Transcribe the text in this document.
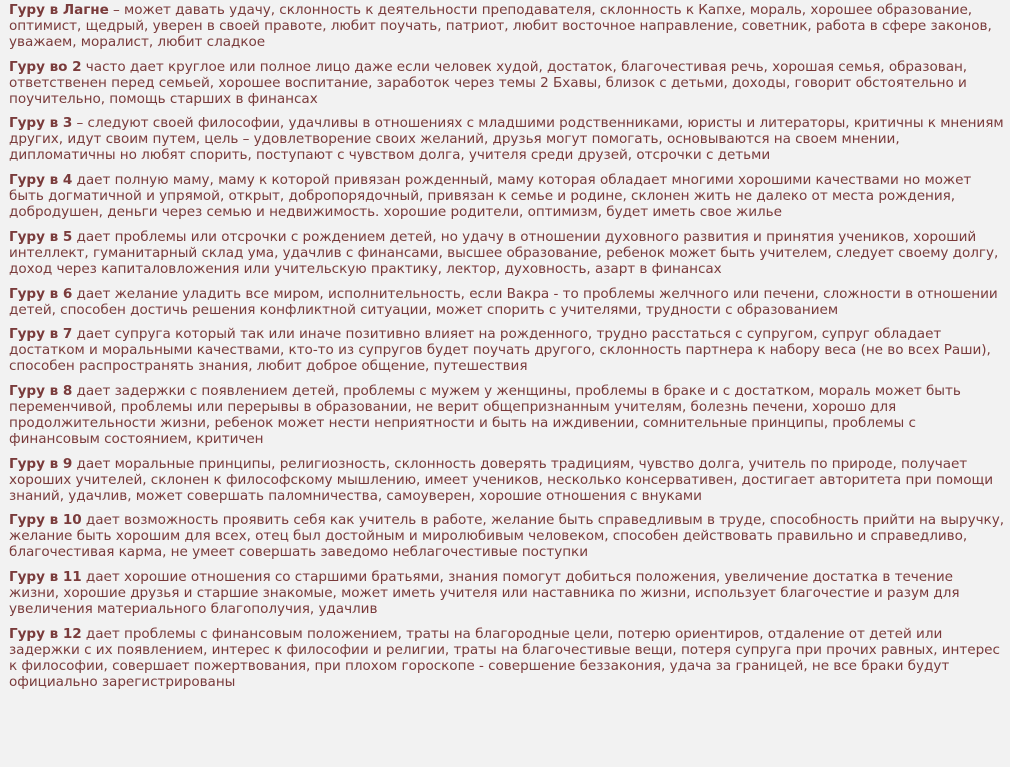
Гуру в Лагне – может давать удачу, склонность к деятельности преподавателя, склонность к Капхе, мораль, хорошее образование, оптимист, щедрый, уверен в своей правоте, любит поучать, патриот, любит восточное направление, советник, работа в сфере законов, уважаем, моралист, любит сладкое

Гуру во 2 часто дает круглое или полное лицо даже если человек худой, достаток, благочестивая речь, хорошая семья, образован, ответственен перед семьей, хорошее воспитание, заработок через темы 2 Бхавы, близок с детьми, доходы, говорит обстоятельно и поучительно, помощь старших в финансах

Гуру в 3 – следуют своей философии, удачливы в отношениях с младшими родственниками, юристы и литераторы, критичны к мнениям других, идут своим путем, цель – удовлетворение своих желаний, друзья могут помогать, основываются на своем мнении, дипломатичны но любят спорить, поступают с чувством долга, учителя среди друзей, отсрочки с детьми

Гуру в 4 дает полную маму, маму к которой привязан рожденный, маму которая обладает многими хорошими качествами но может быть догматичной и упрямой, открыт, добропорядочный, привязан к семье и родине, склонен жить не далеко от места рождения, добродушен, деньги через семью и недвижимость. хорошие родители, оптимизм, будет иметь свое жилье

Гуру в 5 дает проблемы или отсрочки с рождением детей, но удачу в отношении духовного развития и принятия учеников, хороший интеллект, гуманитарный склад ума, удачлив с финансами, высшее образование, ребенок может быть учителем, следует своему долгу, доход через капиталовложения или учительскую практику, лектор, духовность, азарт в финансах

Гуру в 6 дает желание уладить все миром, исполнительность, если Вакра - то проблемы желчного или печени, сложности в отношении детей, способен достичь решения конфликтной ситуации, может спорить с учителями, трудности с образованием

Гуру в 7 дает супруга который так или иначе позитивно влияет на рожденного, трудно расстаться с супругом, супруг обладает достатком и моральными качествами, кто-то из супругов будет поучать другого, склонность партнера к набору веса (не во всех Раши), способен распространять знания, любит доброе общение, путешествия

Гуру в 8 дает задержки с появлением детей, проблемы с мужем у женщины, проблемы в браке и с достатком, мораль может быть переменчивой, проблемы или перерывы в образовании, не верит общепризнанным учителям, болезнь печени, хорошо для продолжительности жизни, ребенок может нести неприятности и быть на иждивении, сомнительные принципы, проблемы с финансовым состоянием, критичен

Гуру в 9 дает моральные принципы, религиозность, склонность доверять традициям, чувство долга, учитель по природе, получает хороших учителей, склонен к философскому мышлению, имеет учеников, несколько консервативен, достигает авторитета при помощи знаний, удачлив, может совершать паломничества, самоуверен, хорошие отношения с внуками

Гуру в 10 дает возможность проявить себя как учитель в работе, желание быть справедливым в труде, способность прийти на выручку, желание быть хорошим для всех, отец был достойным и миролюбивым человеком, способен действовать правильно и справедливо, благочестивая карма, не умеет совершать заведомо неблагочестивые поступки

Гуру в 11 дает хорошие отношения со старшими братьями, знания помогут добиться положения, увеличение достатка в течение жизни, хорошие друзья и старшие знакомые, может иметь учителя или наставника по жизни, использует благочестие и разум для увеличения материального благополучия, удачлив

Гуру в 12 дает проблемы с финансовым положением, траты на благородные цели, потерю ориентиров, отдаление от детей или задержки с их появлением, интерес к философии и религии, траты на благочестивые вещи, потеря супруга при прочих равных, интерес к философии, совершает пожертвования, при плохом гороскопе - совершение беззакония, удача за границей, не все браки будут официально зарегистрированы
